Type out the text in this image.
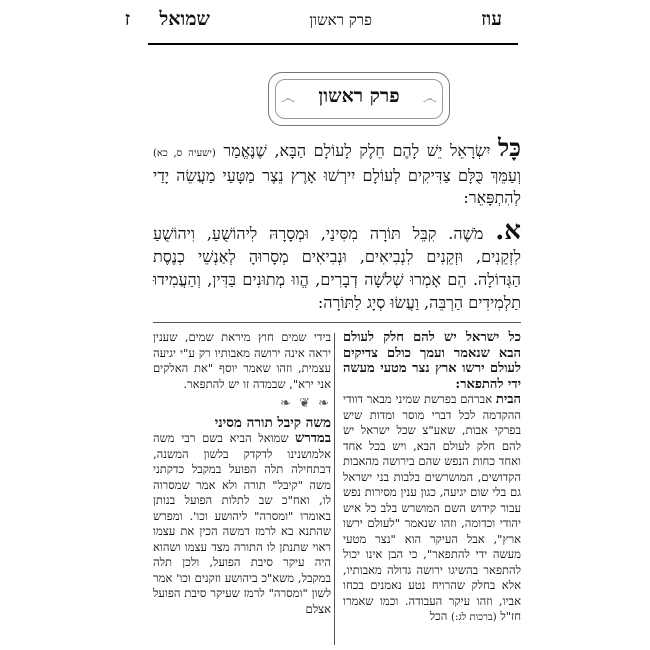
עוז
פרק ראשון
שמואל
ז
෴	෴
פרק ראשון
כָּל יִשְׂרָאֵל יֵשׁ לָהֶם חֵלֶק לָעוֹלָם הַבָּא, שֶׁנֶּאֱמַר (ישעיה ס, כא) וְעַמֵּךְ כֻּלָּם צַדִּיקִים לְעוֹלָם יִירְשׁוּ אָרֶץ נֵצֶר מַטָּעַי מַעֲשֵׂה יָדַי לְהִתְפָּאֵר:
א. מֹשֶׁה. קִבֵּל תּוֹרָה מִסִּינַי, וּמְסָרָהּ לִיהוֹשֻׁעַ, וִיהוֹשֻׁעַ לִזְקֵנִים, וּזְקֵנִים לִנְבִיאִים, וּנְבִיאִים מְסָרוּהָ לְאַנְשֵׁי כְנֶסֶת הַגְּדוֹלָה. הֵם אָמְרוּ שְׁלֹשָׁה דְבָרִים, הֱווּ מְתוּנִים בַּדִּין, וְהַעֲמִידוּ תַלְמִידִים הַרְבֵּה, וַעֲשׂוּ סְיָג לַתּוֹרָה:
כל ישראל יש להם חלק לעולם הבא שנאמר ועמך כולם צדיקים לעולם ירשו ארץ נצר מטעי מעשה ידי להתפאר:
הבית אברהם בפרשת שמיני מבאר דוודי ההקדמה לכל דברי מוסר ומדות שיש בפרקי אבות, שאע"צ שכל ישראל יש להם חלק לעולם הבא, ויש בכל אחד ואחד כחות הנפש שהם בירושה מהאבות הקדושים, המושרשים בלבות בני ישראל גם בלי שום יגיעה, כגון ענין מסירות נפש עבור קידוש השם המושרש בלב כל איש יהודי וכדומה, וזהו שנאמר "לעולם ירשו ארץ", אבל העיקר הוא "נצר מטעי מעשה ידי להתפאר", כי הבן אינו יכול להתפאר בהשיגו ירושה גדולה מאבותיו, אלא בחלק שהרויח נטע נאמנים בכחו אביו, וזהו עיקר העבודה. וכמו שאמרו חז"ל (ברכות לג:) הכל
בידי שמים חוץ מיראת שמים, שענין יראה אינה ירושה מאבותיו רק ע"י יגיעה עצמית, וזהו שאמר יוסף "את האלקים אני ירא", שבמדה זו יש להתפאר.
❧ ❦ ❧
משה קיבל תורה מסיני
במדרש שמואל הביא בשם רבי משה אלמושנינו לדקדק בלשון המשנה, דבתחילה תלה הפועל במקבל כדקתני משה "קיבל" תורה ולא אמר שמסרוה לו, ואח"כ שב לתלות הפועל בנותן באומרו "ומסרה" ליהושע וכו'. ומפרש שהתנא בא לרמז דמשה הכין את עצמו ראוי שתנתן לו התורה מצד עצמו ושהוא היה עיקר סיבת הפועל, ולכן תלה במקבל, משא"כ ביהושע וזקנים וכו' אמר לשון "ומסרה" לרמז שעיקר סיבת הפועל אצלם
